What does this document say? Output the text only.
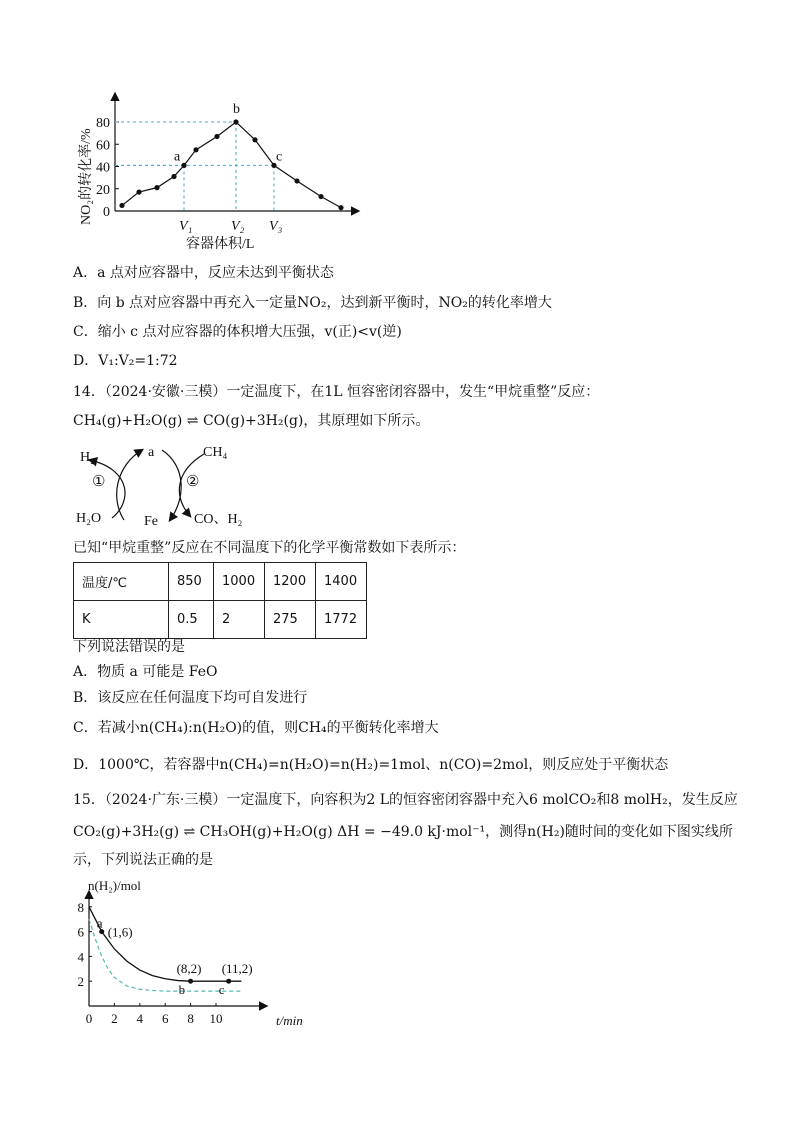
0
20
40
60
80
V₁	V₂ V₃
a
b
c
NO₂的转化率/%
容器体积/L
A．a 点对应容器中，反应未达到平衡状态
B．向 b 点对应容器中再充入一定量NO₂，达到新平衡时，NO₂的转化率增大
C．缩小 c 点对应容器的体积增大压强，v(正)<v(逆)
D．V₁:V₂=1:72
14．（2024·安徽·三模）一定温度下，在1L 恒容密闭容器中，发生“甲烷重整”反应：
CH₄(g)+H₂O(g) ⇌ CO(g)+3H₂(g)，其原理如下所示。
H₂	a	CH₄
①	②
H₂O	Fe	CO、H₂
已知“甲烷重整”反应在不同温度下的化学平衡常数如下表所示：
温度/℃	850	1000	1200	1400
K	0.5	2	275	1772
下列说法错误的是
A．物质 a 可能是 FeO
B．该反应在任何温度下均可自发进行
C．若减小n(CH₄):n(H₂O)的值，则CH₄的平衡转化率增大
D．1000℃，若容器中n(CH₄)=n(H₂O)=n(H₂)=1mol、n(CO)=2mol，则反应处于平衡状态
15．（2024·广东·三模）一定温度下，向容积为2 L的恒容密闭容器中充入6 molCO₂和8 molH₂，发生反应
CO₂(g)+3H₂(g) ⇌ CH₃OH(g)+H₂O(g) ΔH = −49.0 kJ·mol⁻¹，测得n(H₂)随时间的变化如下图实线所
示，下列说法正确的是
2
4
6
8
0 2 4 6 8 10
a
(1,6)
b
(8,2)
c
(11,2)
n(H₂)/mol
t/min
